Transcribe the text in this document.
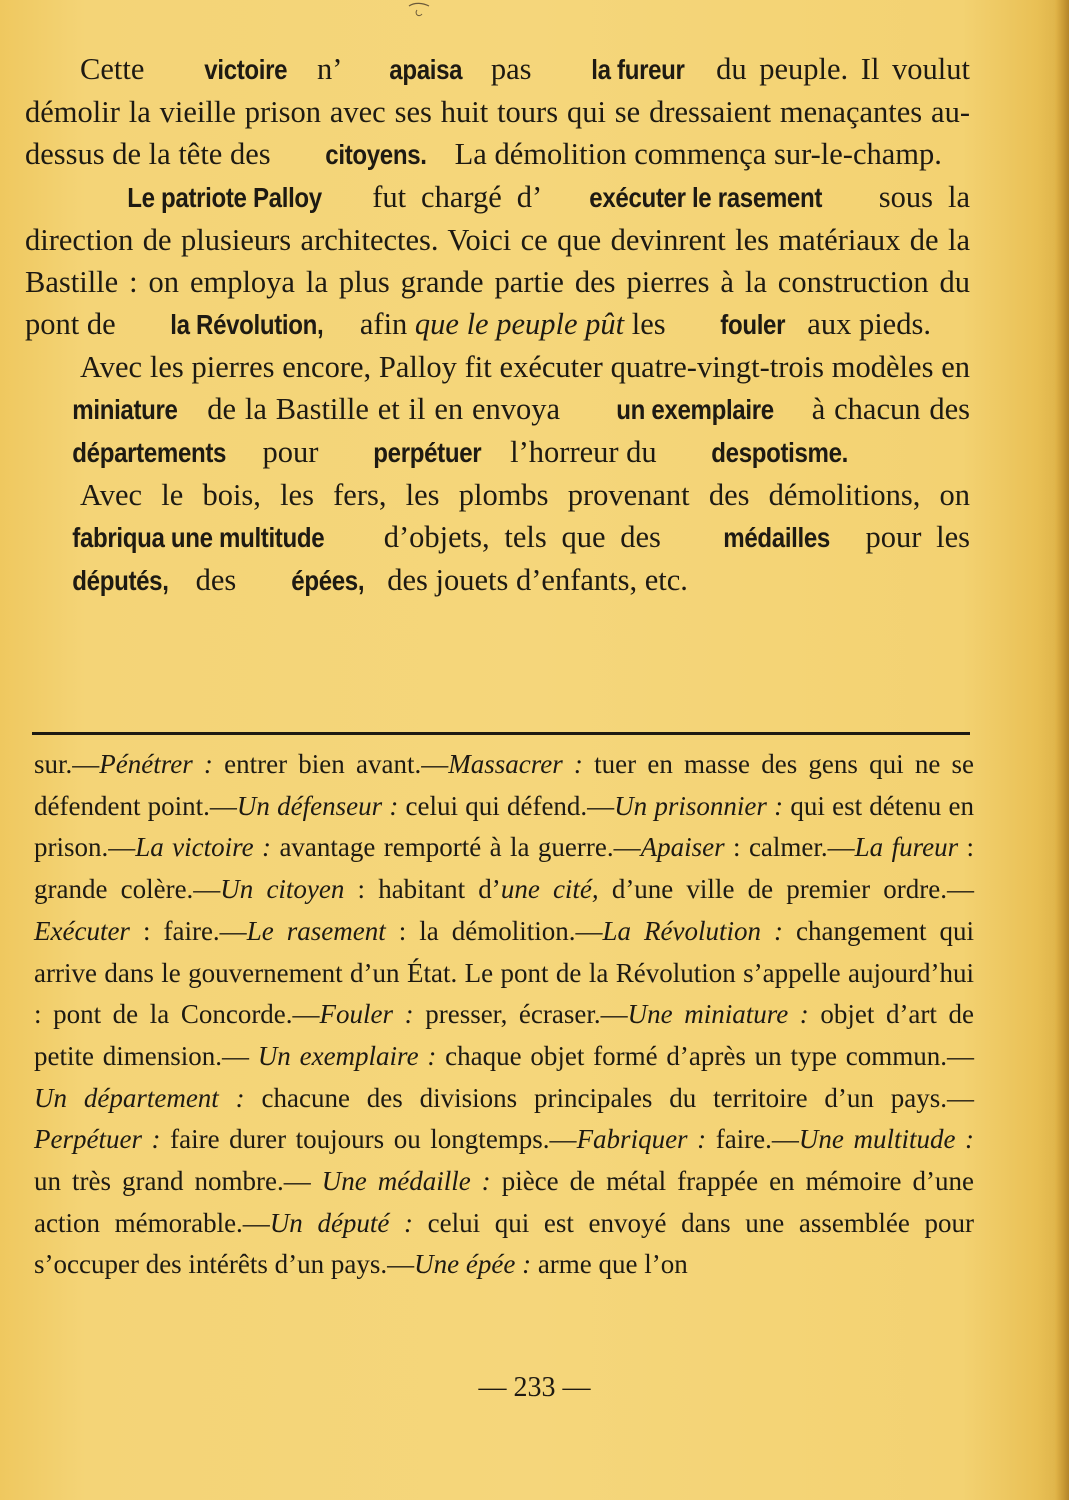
Cette victoire n’ apaisa pas la fureur du peuple. Il voulut démolir la vieille prison avec ses huit tours qui se dressaient menaçantes au-dessus de la tête des citoyens. La démolition commença sur-le-champ.

Le patriote Palloy fut chargé d’ exécuter le rasement sous la direction de plusieurs architectes. Voici ce que devinrent les matériaux de la Bastille : on employa la plus grande partie des pierres à la construction du pont de la Révolution, afin que le peuple pût les fouler aux pieds.

Avec les pierres encore, Palloy fit exécuter quatre-vingt-trois modèles en miniature de la Bastille et il en envoya un exemplaire à chacun des départements pour perpétuer l’horreur du despotisme.

Avec le bois, les fers, les plombs provenant des démolitions, on fabriqua une multitude d’objets, tels que des médailles pour les députés, des épées, des jouets d’enfants, etc.

sur.—Pénétrer : entrer bien avant.—Massacrer : tuer en masse des gens qui ne se défendent point.—Un défenseur : celui qui défend.—Un prisonnier : qui est détenu en prison.—La victoire : avantage remporté à la guerre.—Apaiser : calmer.—La fureur : grande colère.—Un citoyen : habitant d’une cité, d’une ville de premier ordre.—Exécuter : faire.—Le rasement : la démolition.—La Révolution : changement qui arrive dans le gouvernement d’un État. Le pont de la Révolution s’appelle aujourd’hui : pont de la Concorde.—Fouler : presser, écraser.—Une miniature : objet d’art de petite dimension.— Un exemplaire : chaque objet formé d’après un type commun.— Un département : chacune des divisions principales du territoire d’un pays.—Perpétuer : faire durer toujours ou longtemps.—Fabriquer : faire.—Une multitude : un très grand nombre.— Une médaille : pièce de métal frappée en mémoire d’une action mémorable.—Un député : celui qui est envoyé dans une assemblée pour s’occuper des intérêts d’un pays.—Une épée : arme que l’on

— 233 —
